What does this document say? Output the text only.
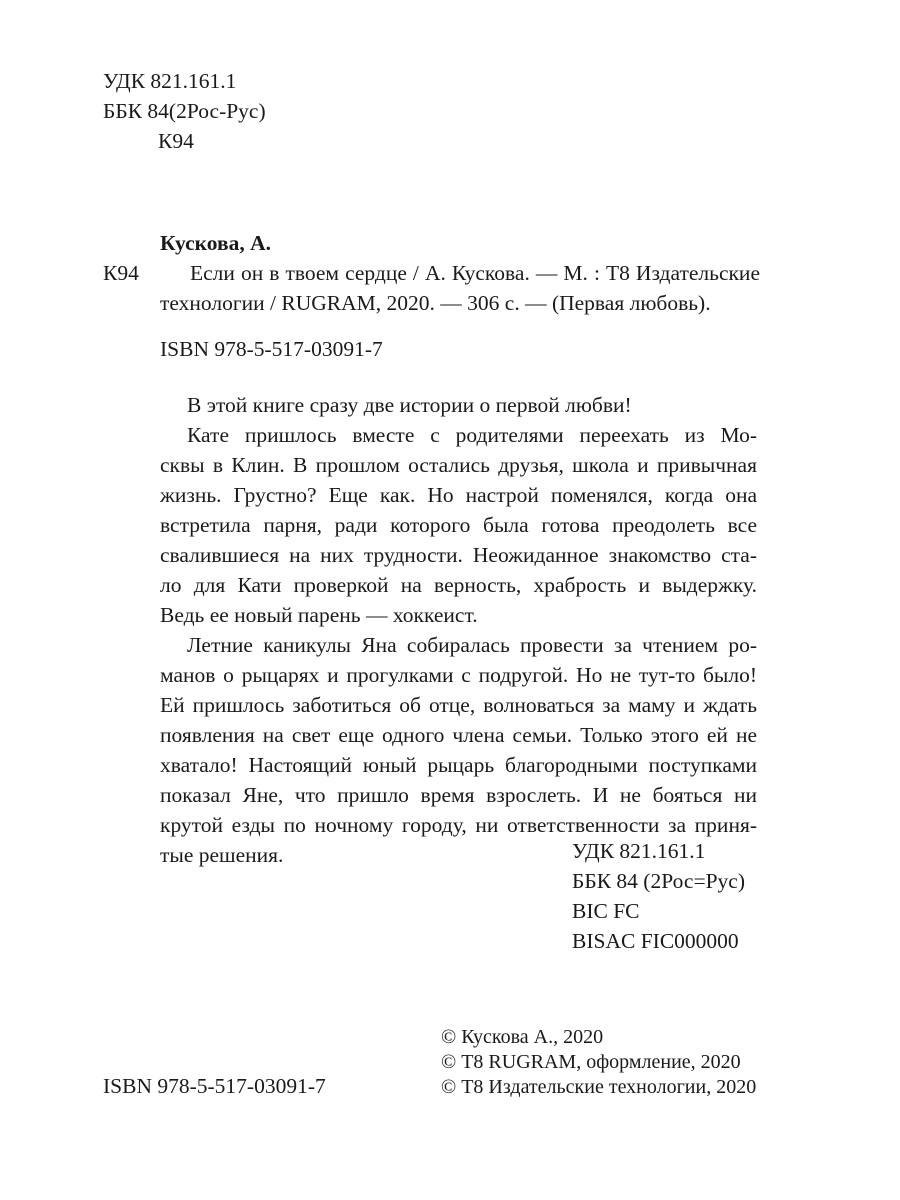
УДК 821.161.1
ББК 84(2Рос-Рус)
К94
Кускова, А.
К94 Если он в твоем сердце / А. Кускова. — М. : Т8 Издательские
технологии / RUGRAM, 2020. — 306 с. — (Первая любовь).
ISBN 978-5-517-03091-7
В этой книге сразу две истории о первой любви!
Кате пришлось вместе с родителями переехать из Мо-
сквы в Клин. В прошлом остались друзья, школа и привычная
жизнь. Грустно? Еще как. Но настрой поменялся, когда она
встретила парня, ради которого была готова преодолеть все
свалившиеся на них трудности. Неожиданное знакомство ста-
ло для Кати проверкой на верность, храбрость и выдержку.
Ведь ее новый парень — хоккеист.
Летние каникулы Яна собиралась провести за чтением ро-
манов о рыцарях и прогулками с подругой. Но не тут-то было!
Ей пришлось заботиться об отце, волноваться за маму и ждать
появления на свет еще одного члена семьи. Только этого ей не
хватало! Настоящий юный рыцарь благородными поступками
показал Яне, что пришло время взрослеть. И не бояться ни
крутой езды по ночному городу, ни ответственности за приня-
тые решения.	УДК 821.161.1
ББК 84 (2Рос=Рус)
BIC FC
BISAC FIC000000
ISBN 978-5-517-03091-7
© Кускова А., 2020
© Т8 RUGRAM, оформление, 2020
© Т8 Издательские технологии, 2020
